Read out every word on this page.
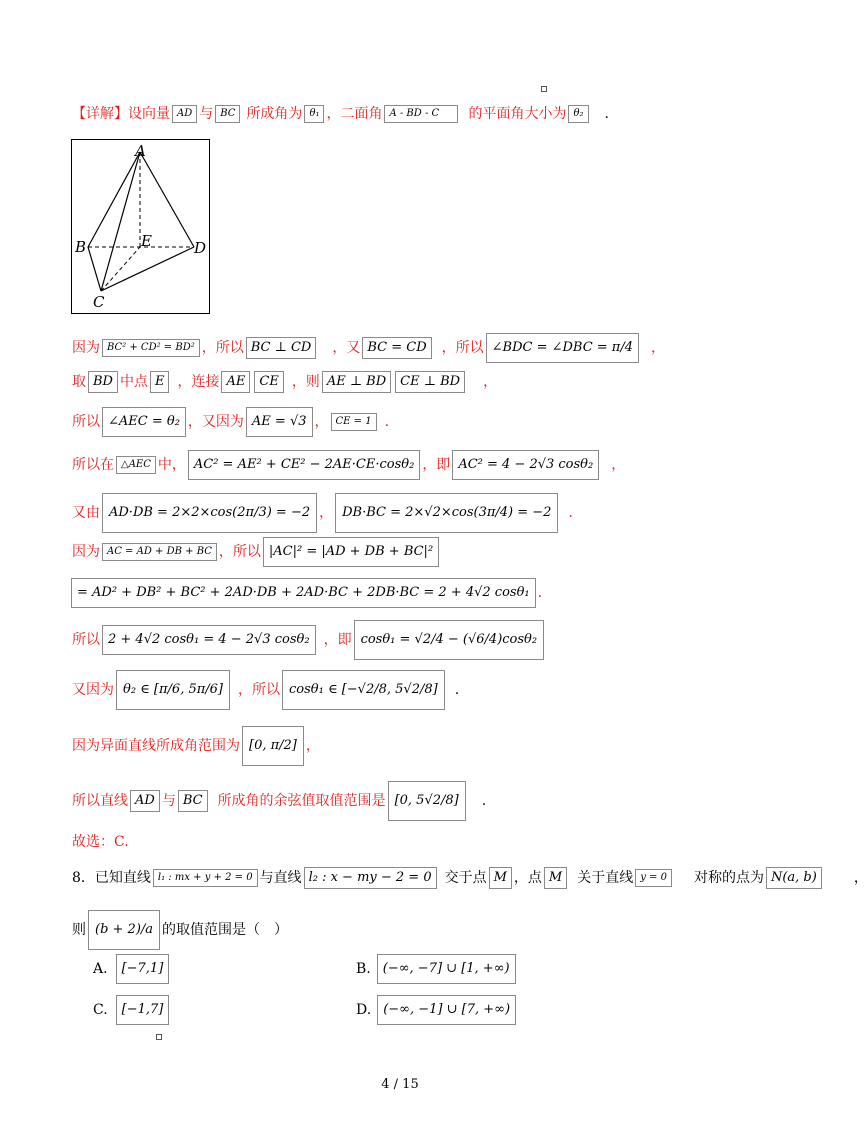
【详解】 设向量 AD 与 BC 所成角为 θ₁ ，二面角 A - BD - C	的平面角大小为 θ₂	.
A
B	E	D
C
因为 BC² + CD² = BD² ，所以 BC ⊥ CD	，又 BC = CD	，所以 ∠BDC = ∠DBC = π/4	，
取 BD 中点 E ，连接 AE	CE ，则 AE ⊥ BD	CE ⊥ BD	，
所以 ∠AEC = θ₂ ，又因为 AE = √3 ， CE = 1 .
所以在 △AEC 中， AC² = AE² + CE² − 2AE·CE·cosθ₂ ，即 AC² = 4 − 2√3 cosθ₂	，
又由 AD·DB = 2×2×cos(2π/3) = −2 ， DB·BC = 2×√2×cos(3π/4) = −2	.
因为 AC = AD + DB + BC ，所以 |AC|² = |AD + DB + BC|²
= AD² + DB² + BC² + 2AD·DB + 2AD·BC + 2DB·BC = 2 + 4√2 cosθ₁ .
所以 2 + 4√2 cosθ₁ = 4 − 2√3 cosθ₂	，即 cosθ₁ = √2/4 − (√6/4)cosθ₂
又因为 θ₂ ∈ [π/6, 5π/6]	，所以 cosθ₁ ∈ [−√2/8, 5√2/8]	.
因为异面直线所成角范围为 [0, π/2] ，
所以直线 AD 与 BC	所成角的余弦值取值范围是 [0, 5√2/8]	.
故选：C.
8．已知直线 l₁ : mx + y + 2 = 0 与直线 l₂ : x − my − 2 = 0 交于点 M ，点 M	关于直线 y = 0	对称的点为 N(a, b)	，
则 (b + 2)/a 的取值范围是（　）
A.	[−7,1]	B. (−∞, −7] ∪ [1, +∞)
C.	[−1,7]	D. (−∞, −1] ∪ [7, +∞)
4 / 15
